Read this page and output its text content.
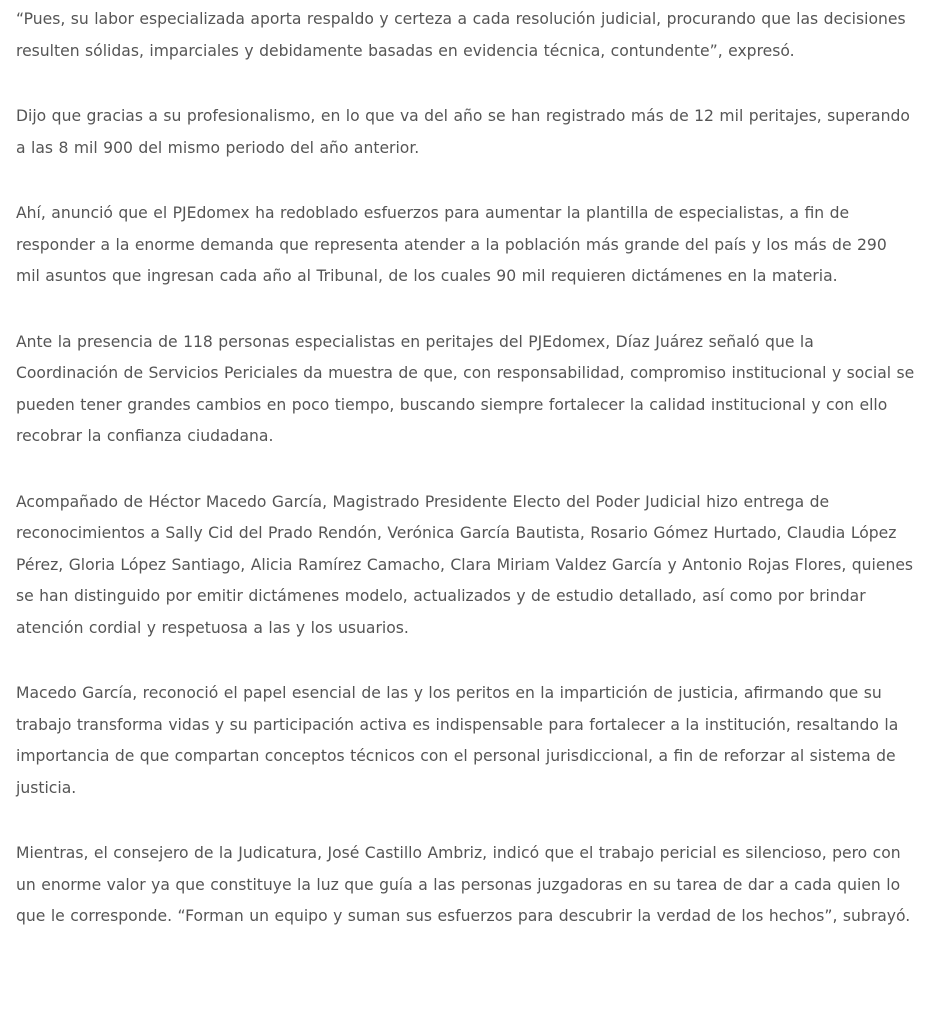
“Pues, su labor especializada aporta respaldo y certeza a cada resolución judicial, procurando que las decisiones resulten sólidas, imparciales y debidamente basadas en evidencia técnica, contundente”, expresó.

Dijo que gracias a su profesionalismo, en lo que va del año se han registrado más de 12 mil peritajes, superando a las 8 mil 900 del mismo periodo del año anterior.

Ahí, anunció que el PJEdomex ha redoblado esfuerzos para aumentar la plantilla de especialistas, a fin de responder a la enorme demanda que representa atender a la población más grande del país y los más de 290 mil asuntos que ingresan cada año al Tribunal, de los cuales 90 mil requieren dictámenes en la materia.

Ante la presencia de 118 personas especialistas en peritajes del PJEdomex, Díaz Juárez señaló que la Coordinación de Servicios Periciales da muestra de que, con responsabilidad, compromiso institucional y social se pueden tener grandes cambios en poco tiempo, buscando siempre fortalecer la calidad institucional y con ello recobrar la confianza ciudadana.

Acompañado de Héctor Macedo García, Magistrado Presidente Electo del Poder Judicial hizo entrega de reconocimientos a Sally Cid del Prado Rendón, Verónica García Bautista, Rosario Gómez Hurtado, Claudia López Pérez, Gloria López Santiago, Alicia Ramírez Camacho, Clara Miriam Valdez García y Antonio Rojas Flores, quienes se han distinguido por emitir dictámenes modelo, actualizados y de estudio detallado, así como por brindar atención cordial y respetuosa a las y los usuarios.

Macedo García, reconoció el papel esencial de las y los peritos en la impartición de justicia, afirmando que su trabajo transforma vidas y su participación activa es indispensable para fortalecer a la institución, resaltando la importancia de que compartan conceptos técnicos con el personal jurisdiccional, a fin de reforzar al sistema de justicia.

Mientras, el consejero de la Judicatura, José Castillo Ambriz, indicó que el trabajo pericial es silencioso, pero con un enorme valor ya que constituye la luz que guía a las personas juzgadoras en su tarea de dar a cada quien lo que le corresponde. “Forman un equipo y suman sus esfuerzos para descubrir la verdad de los hechos”, subrayó.
